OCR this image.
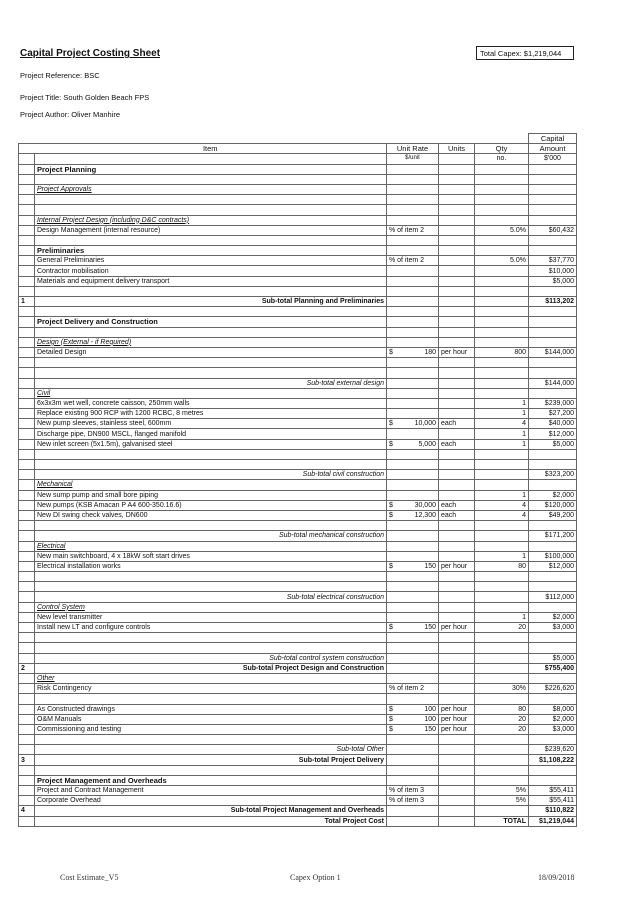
Capital Project Costing Sheet	Total Capex: $1,219,044
Project Reference: BSC
Project Title: South Golden Beach FPS
Project Author: Oliver Manhire
					Capital
	Item	Unit Rate	Units	Qty	Amount
		$/unit		no.	$'000
	Project Planning				

	Project Approvals				

	Internal Project Design (including D&C contracts)				
	Design Management (internal resource)	% of item 2		5.0%	$60,432

	Preliminaries				
	General Preliminaries	% of item 2		5.0%	$37,770
	Contractor mobilisation				$10,000
	Materials and equipment delivery transport				$5,000

1	Sub-total Planning and Preliminaries				$113,202

	Project Delivery and Construction				

	Design (External - if Required)				
	Detailed Design	$ 180	per hour	800	$144,000

	Sub-total external design				$144,000
	Civil				
	6x3x3m wet well, concrete caisson, 250mm walls			1	$239,000
	Replace existing 900 RCP with 1200 RCBC, 8 metres			1	$27,200
	New pump sleeves, stainless steel, 600mm	$ 10,000	each	4	$40,000
	Discharge pipe, DN900 MSCL, flanged manifold			1	$12,000
	New inlet screen (5x1.5m), galvanised steel	$ 5,000	each	1	$5,000

	Sub-total civil construction				$323,200
	Mechanical				
	New sump pump and small bore piping			1	$2,000
	New pumps (KSB Amacan P A4 600-350.16.6)	$ 30,000	each	4	$120,000
	New DI swing check valves, DN600	$ 12,300	each	4	$49,200

	Sub-total mechanical construction				$171,200
	Electrical				
	New main switchboard, 4 x 18kW soft start drives			1	$100,000
	Electrical installation works	$ 150	per hour	80	$12,000

	Sub-total electrical construction				$112,000
	Control System				
	New level transmitter			1	$2,000
	Install new LT and configure controls	$ 150	per hour	20	$3,000

	Sub-total control system construction				$5,000
2	Sub-total Project Design and Construction				$755,400
	Other				
	Risk Contingency	% of item 2		30%	$226,620

	As Constructed drawings	$ 100	per hour	80	$8,000
	O&M Manuals	$ 100	per hour	20	$2,000
	Commissioning and testing	$ 150	per hour	20	$3,000

	Sub-total Other				$239,620
3	Sub-total Project Delivery				$1,108,222

	Project Management and Overheads				
	Project and Contract Management	% of item 3		5%	$55,411
	Corporate Overhead	% of item 3		5%	$55,411
4	Sub-total Project Management and Overheads				$110,822
	Total Project Cost			TOTAL	$1,219,044
Cost Estimate_V5	Capex Option 1	18/09/2018
